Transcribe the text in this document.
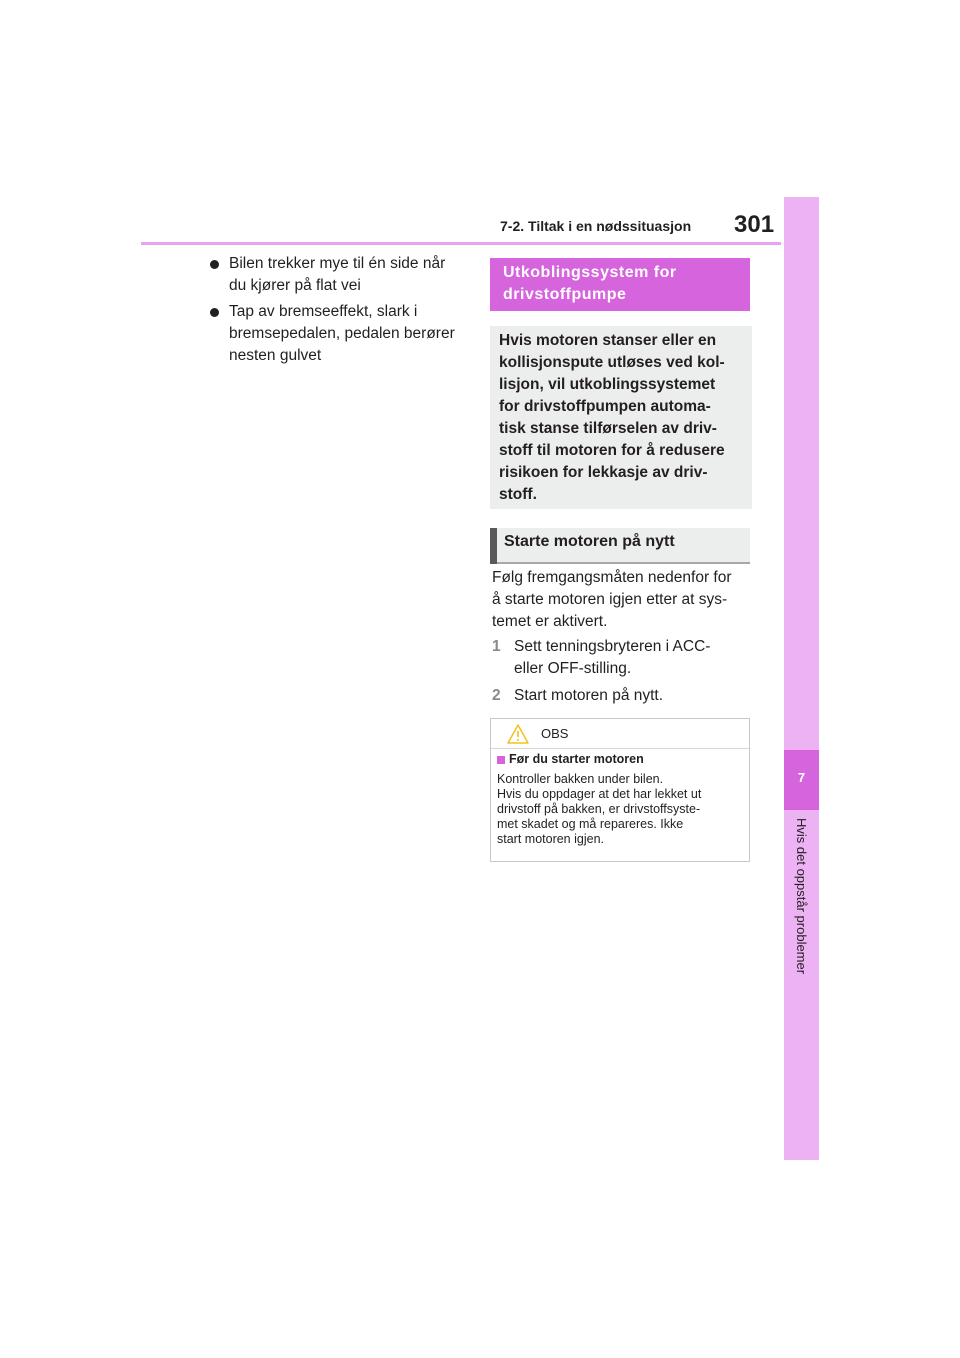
7-2. Tiltak i en nødssituasjon 301
7
Hvis det oppstår problemer
Bilen trekker mye til én side når
du kjører på flat vei
Tap av bremseeffekt, slark i
bremsepedalen, pedalen berører
nesten gulvet
Utkoblingssystem for
drivstoffpumpe
Hvis motoren stanser eller en
kollisjonspute utløses ved kol-
lisjon, vil utkoblingssystemet
for drivstoffpumpen automa-
tisk stanse tilførselen av driv-
stoff til motoren for å redusere
risikoen for lekkasje av driv-
stoff.
Starte motoren på nytt
Følg fremgangsmåten nedenfor for
å starte motoren igjen etter at sys-
temet er aktivert.
1 Sett tenningsbryteren i ACC-
eller OFF-stilling.
2 Start motoren på nytt.
OBS
Før du starter motoren
Kontroller bakken under bilen.
Hvis du oppdager at det har lekket ut
drivstoff på bakken, er drivstoffsyste-
met skadet og må repareres. Ikke
start motoren igjen.
